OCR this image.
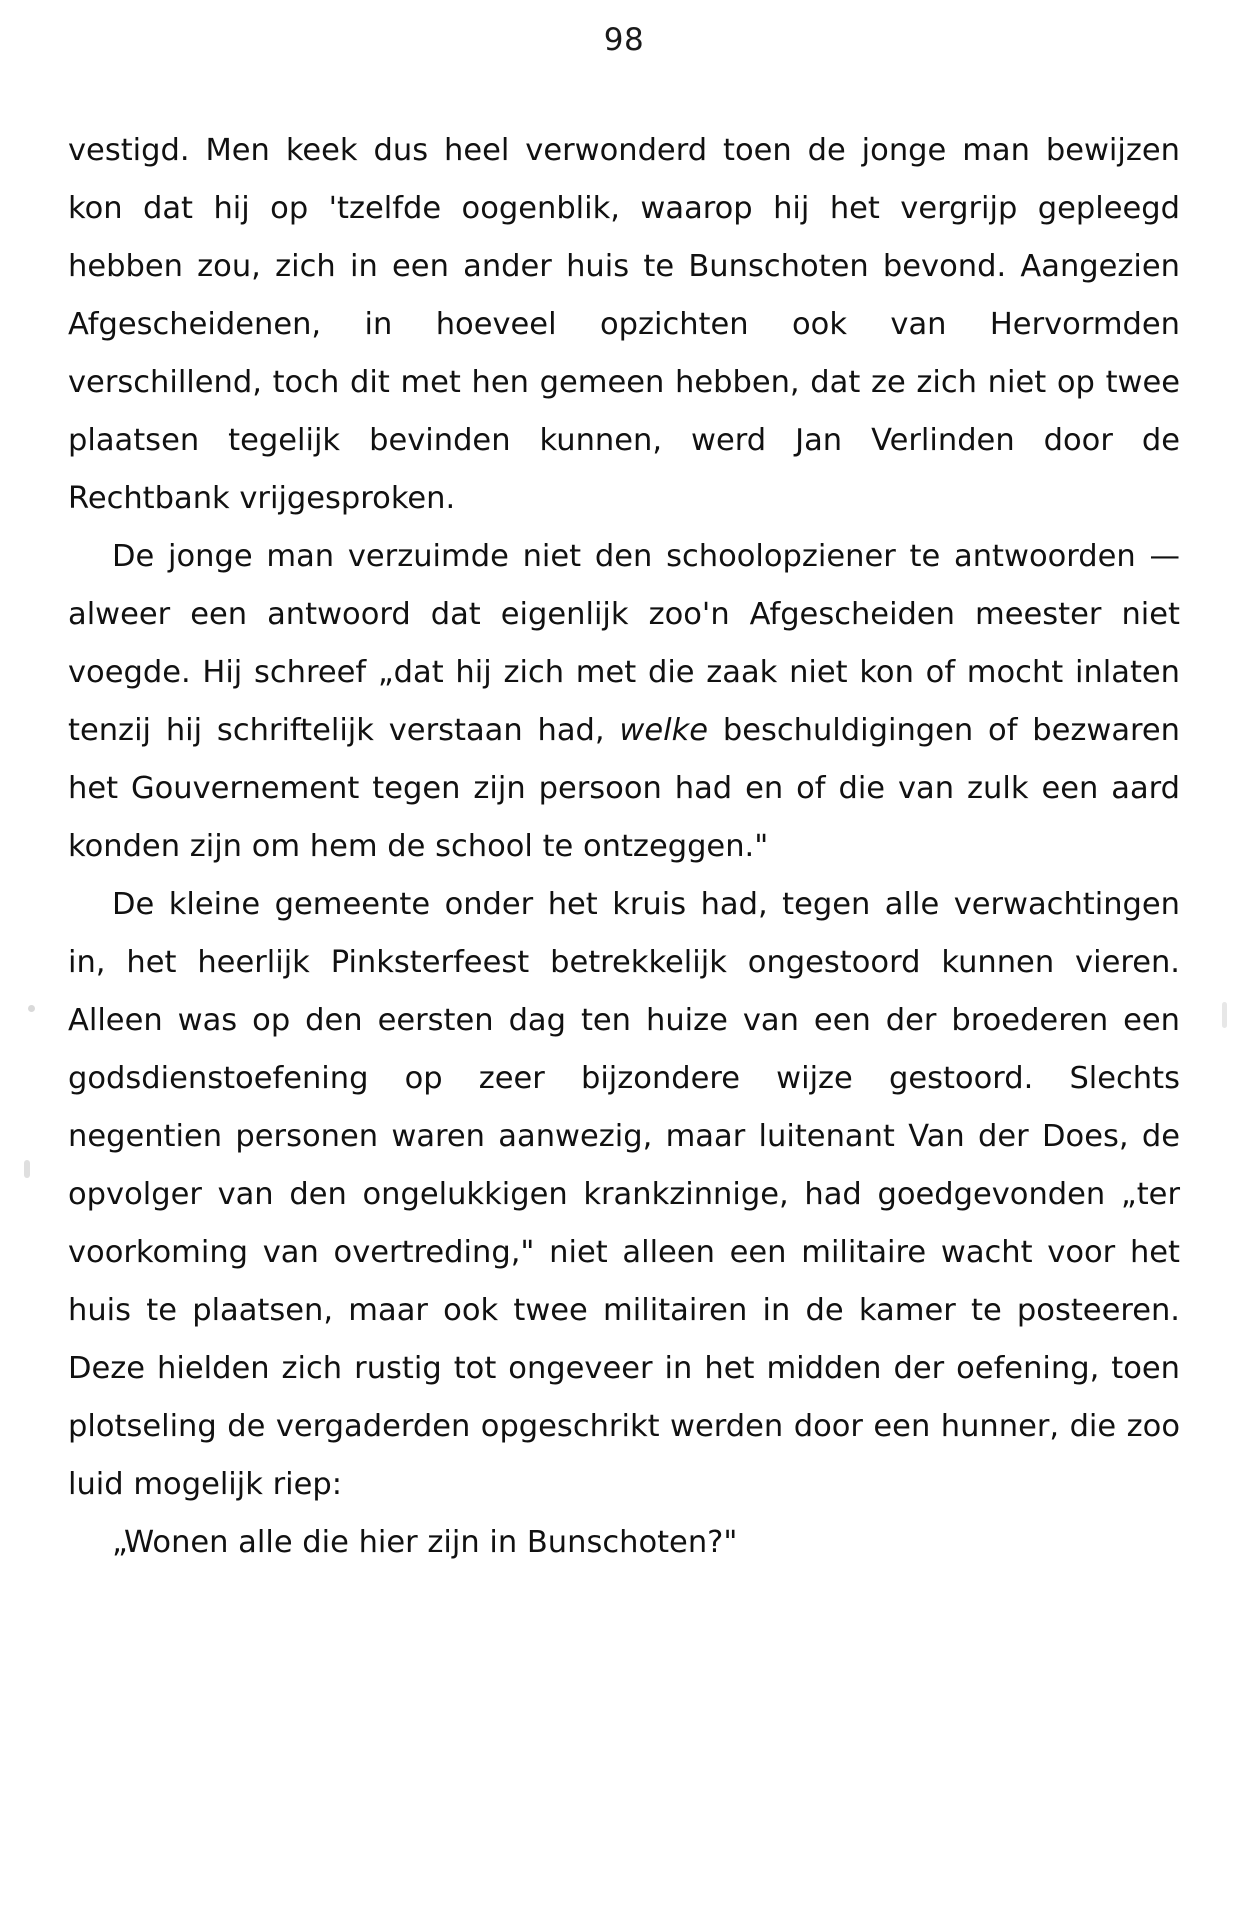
98

vestigd. Men keek dus heel verwonderd toen de jonge man bewijzen kon dat hij op 'tzelfde oogenblik, waarop hij het vergrijp gepleegd hebben zou, zich in een ander huis te Bunschoten bevond. Aangezien Afgescheidenen, in hoeveel opzichten ook van Hervormden verschillend, toch dit met hen gemeen hebben, dat ze zich niet op twee plaatsen tegelijk bevinden kunnen, werd Jan Verlinden door de Rechtbank vrijgesproken.

De jonge man verzuimde niet den schoolopziener te antwoorden — alweer een antwoord dat eigenlijk zoo'n Afgescheiden meester niet voegde. Hij schreef „dat hij zich met die zaak niet kon of mocht inlaten tenzij hij schriftelijk verstaan had, welke beschuldigingen of bezwaren het Gouvernement tegen zijn persoon had en of die van zulk een aard konden zijn om hem de school te ontzeggen."

De kleine gemeente onder het kruis had, tegen alle verwachtingen in, het heerlijk Pinksterfeest betrekkelijk ongestoord kunnen vieren. Alleen was op den eersten dag ten huize van een der broederen een godsdienstoefening op zeer bijzondere wijze gestoord. Slechts negentien personen waren aanwezig, maar luitenant Van der Does, de opvolger van den ongelukkigen krankzinnige, had goedgevonden „ter voorkoming van overtreding," niet alleen een militaire wacht voor het huis te plaatsen, maar ook twee militairen in de kamer te posteeren. Deze hielden zich rustig tot ongeveer in het midden der oefening, toen plotseling de vergaderden opgeschrikt werden door een hunner, die zoo luid mogelijk riep:

„Wonen alle die hier zijn in Bunschoten?"
